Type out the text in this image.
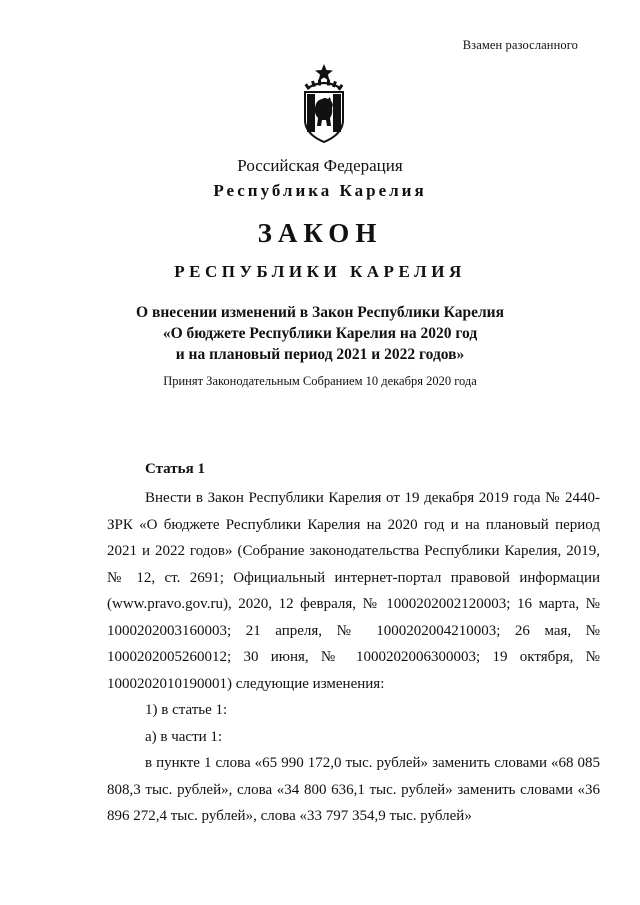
Взамен разосланного
Российская Федерация
Республика Карелия
ЗАКОН
РЕСПУБЛИКИ КАРЕЛИЯ
О внесении изменений в Закон Республики Карелия
«О бюджете Республики Карелия на 2020 год
и на плановый период 2021 и 2022 годов»
Принят Законодательным Собранием 10 декабря 2020 года
Статья 1

Внести в Закон Республики Карелия от 19 декабря 2019 года № 2440-ЗРК «О бюджете Республики Карелия на 2020 год и на плановый период 2021 и 2022 годов» (Собрание законодательства Республики Карелия, 2019, № 12, ст. 2691; Официальный интернет-портал правовой информации (www.pravo.gov.ru), 2020, 12 февраля, № 1000202002120003; 16 марта, № 1000202003160003; 21 апреля, № 1000202004210003; 26 мая, № 1000202005260012; 30 июня, № 1000202006300003; 19 октября, № 1000202010190001) следующие изменения:

1) в статье 1:

а) в части 1:

в пункте 1 слова «65 990 172,0 тыс. рублей» заменить словами «68 085 808,3 тыс. рублей», слова «34 800 636,1 тыс. рублей» заменить словами «36 896 272,4 тыс. рублей», слова «33 797 354,9 тыс. рублей»
